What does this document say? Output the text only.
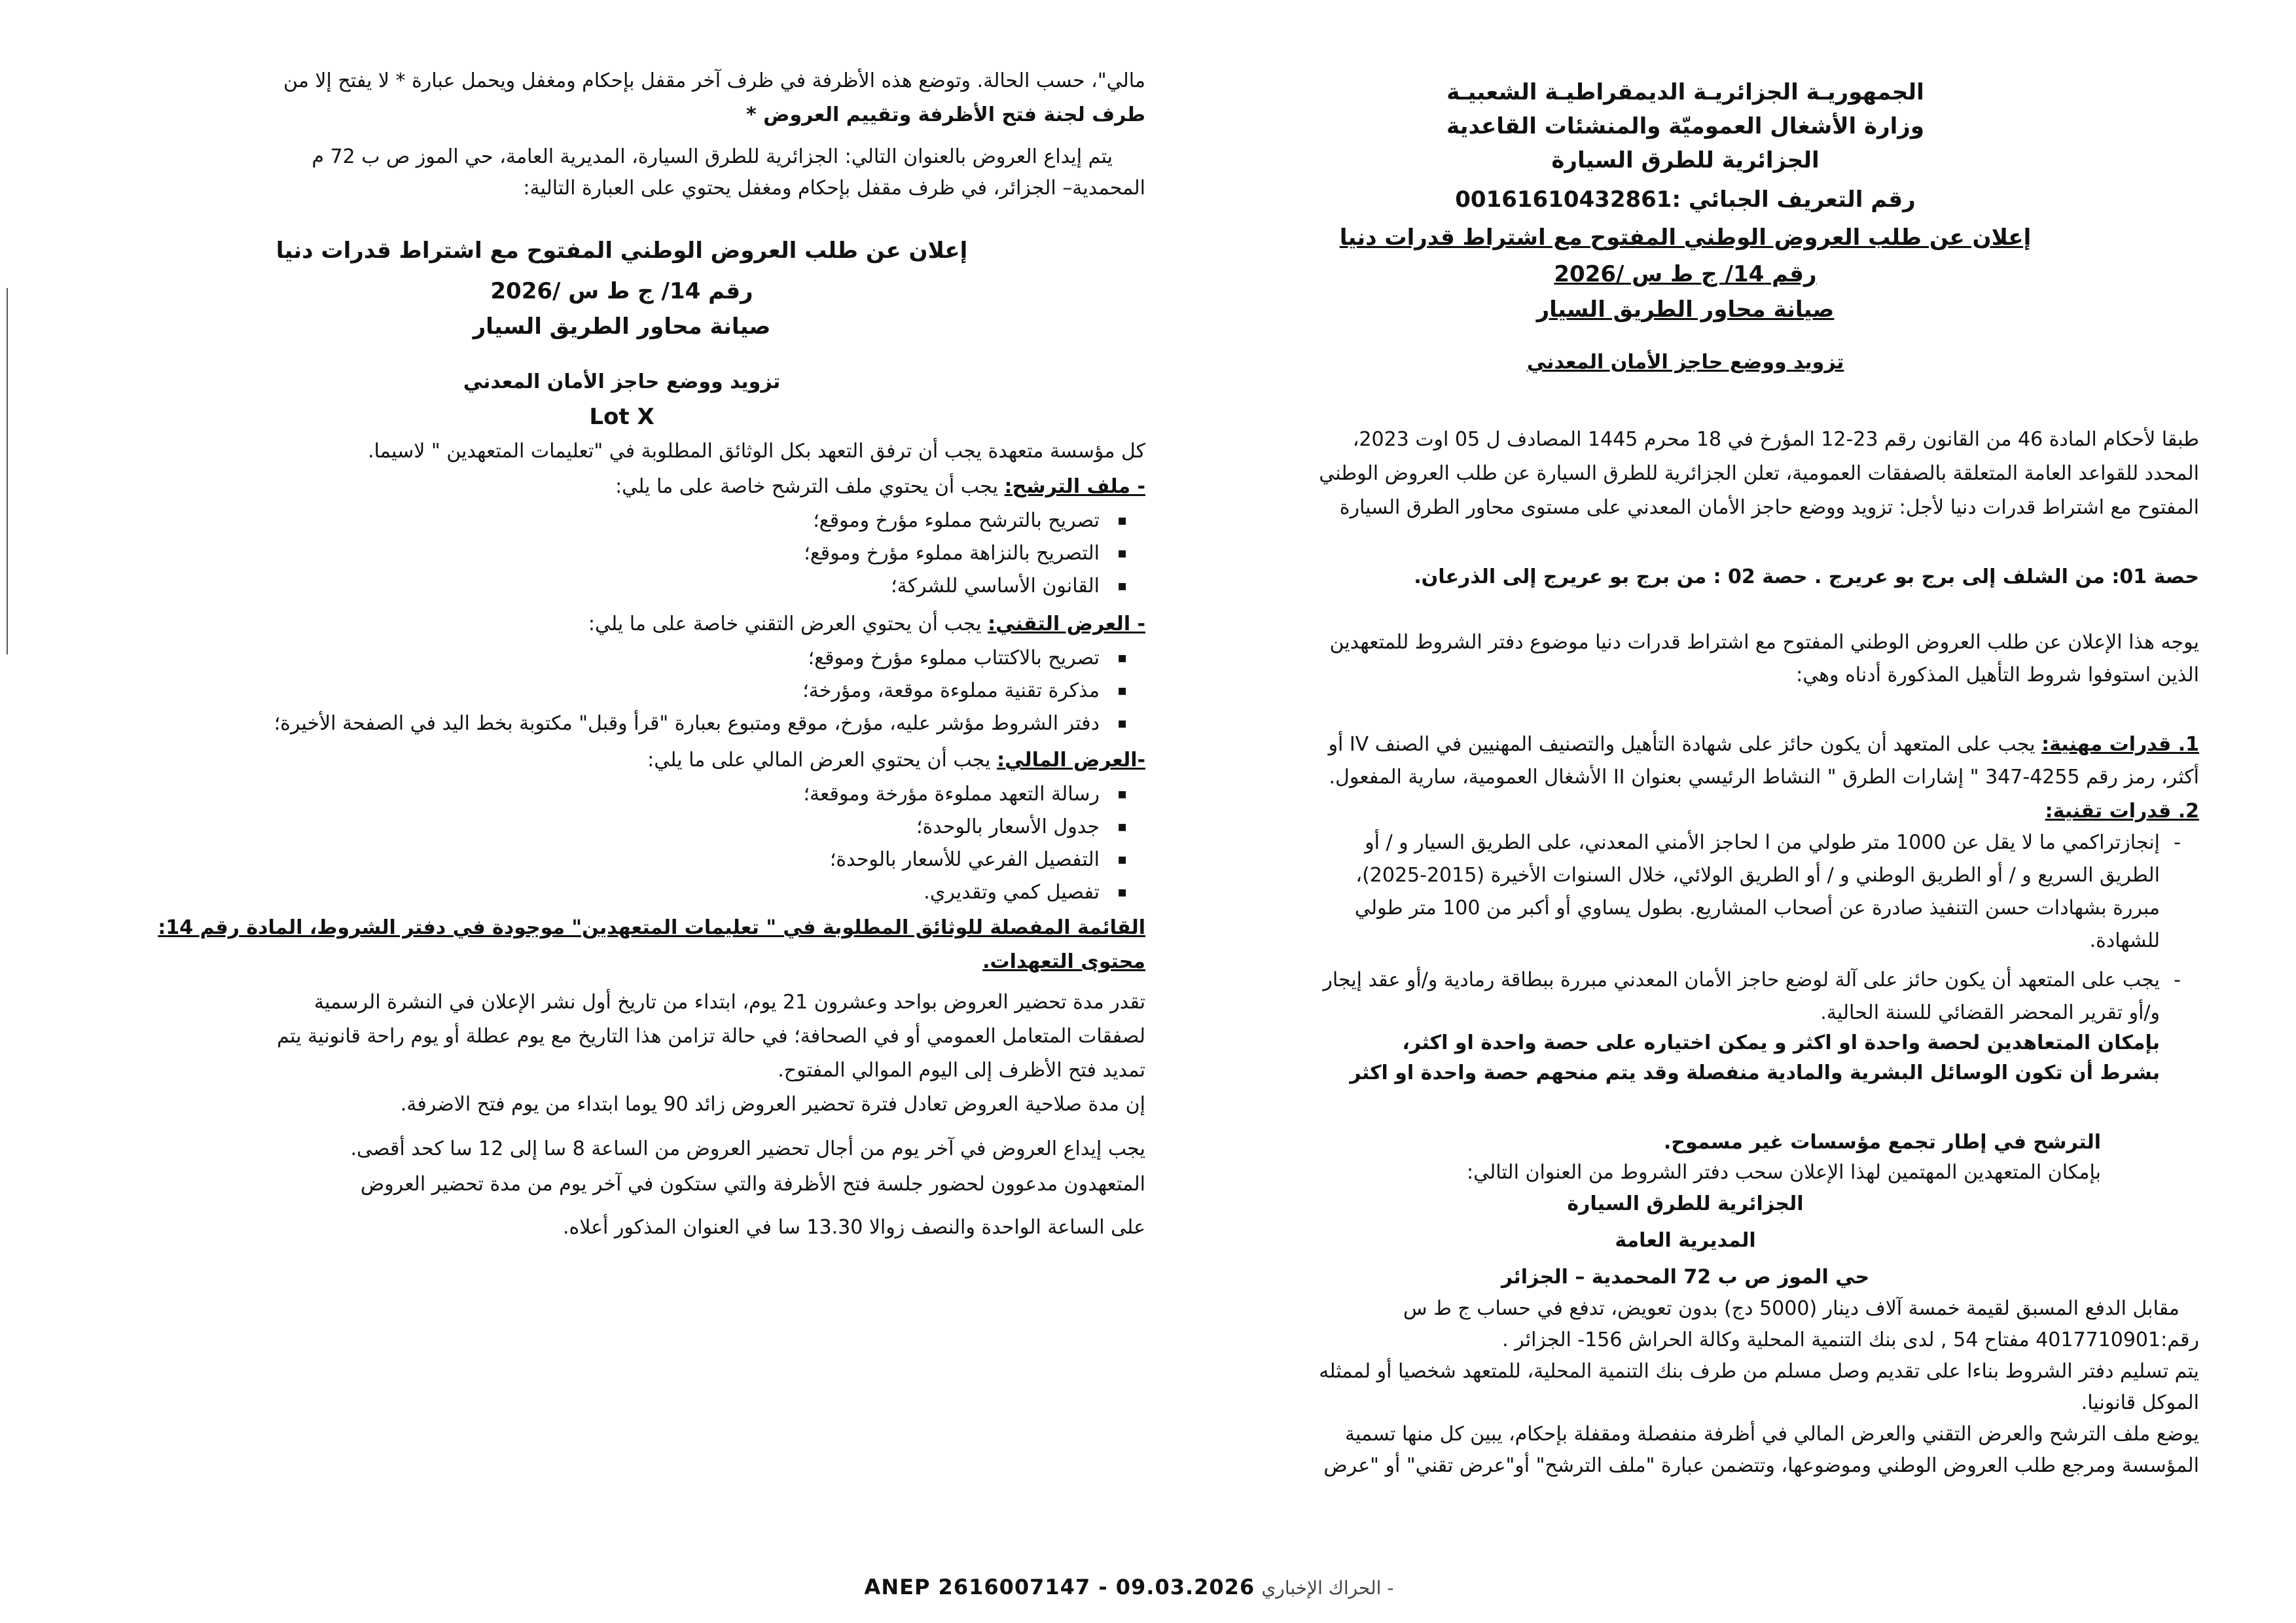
الجمهوريـة الجزائريـة الديمقراطيـة الشعبيـة
وزارة الأشغال العموميّة والمنشئات القاعدية
الجزائرية للطرق السيارة
رقم التعريف الجبائي :00161610432861
إعلان عن طلب العروض الوطني المفتوح مع اشتراط قدرات دنيا
رقم 14/ ج ط س /2026
صيانة محاور الطريق السيار
تزويد ووضع حاجز الأمان المعدني
طبقا لأحكام المادة 46 من القانون رقم 23-12 المؤرخ في 18 محرم 1445 المصادف ل 05 اوت 2023،
المحدد للقواعد العامة المتعلقة بالصفقات العمومية، تعلن الجزائرية للطرق السيارة عن طلب العروض الوطني
المفتوح مع اشتراط قدرات دنيا لأجل: تزويد ووضع حاجز الأمان المعدني على مستوى محاور الطرق السيارة
حصة 01: من الشلف إلى برج بو عريرج . حصة 02 : من برج بو عريرج إلى الذرعان.
يوجه هذا الإعلان عن طلب العروض الوطني المفتوح مع اشتراط قدرات دنيا موضوع دفتر الشروط للمتعهدين
الذين استوفوا شروط التأهيل المذكورة أدناه وهي:
1. قدرات مهنية: يجب على المتعهد أن يكون حائز على شهادة التأهيل والتصنيف المهنيين في الصنف IV أو
أكثر، رمز رقم 4255-347 " إشارات الطرق " النشاط الرئيسي بعنوان II الأشغال العمومية، سارية المفعول.
2. قدرات تقنية:
- إنجازتراكمي ما لا يقل عن 1000 متر طولي من ا لحاجز الأمني المعدني، على الطريق السيار و / أو
الطريق السريع و / أو الطريق الوطني و / أو الطريق الولائي، خلال السنوات الأخيرة (2015-2025)،
مبررة بشهادات حسن التنفيذ صادرة عن أصحاب المشاريع. بطول يساوي أو أكبر من 100 متر طولي
للشهادة.
- يجب على المتعهد أن يكون حائز على آلة لوضع حاجز الأمان المعدني مبررة ببطاقة رمادية و/أو عقد إيجار
و/أو تقرير المحضر القضائي للسنة الحالية.
بإمكان المتعاهدين لحصة واحدة او اكثر و يمكن اختياره على حصة واحدة او اكثر،
بشرط أن تكون الوسائل البشرية والمادية منفصلة وقد يتم منحهم حصة واحدة او اكثر
الترشح في إطار تجمع مؤسسات غير مسموح.
بإمكان المتعهدين المهتمين لهذا الإعلان سحب دفتر الشروط من العنوان التالي:
الجزائرية للطرق السيارة
المديرية العامة
حي الموز ص ب 72 المحمدية – الجزائر
مقابل الدفع المسبق لقيمة خمسة آلاف دينار (5000 دج) بدون تعويض، تدفع في حساب ج ط س
رقم:4017710901 مفتاح 54 , لدى بنك التنمية المحلية وكالة الحراش 156- الجزائر .
يتم تسليم دفتر الشروط بناءا على تقديم وصل مسلم من طرف بنك التنمية المحلية، للمتعهد شخصيا أو لممثله
الموكل قانونيا.
يوضع ملف الترشح والعرض التقني والعرض المالي في أظرفة منفصلة ومقفلة بإحكام، يبين كل منها تسمية
المؤسسة ومرجع طلب العروض الوطني وموضوعها، وتتضمن عبارة "ملف الترشح" أو"عرض تقني" أو "عرض
مالي"، حسب الحالة. وتوضع هذه الأظرفة في ظرف آخر مقفل بإحكام ومغفل ويحمل عبارة * لا يفتح إلا من
طرف لجنة فتح الأظرفة وتقييم العروض *
يتم إيداع العروض بالعنوان التالي: الجزائرية للطرق السيارة، المديرية العامة، حي الموز ص ب 72 م
المحمدية– الجزائر، في ظرف مقفل بإحكام ومغفل يحتوي على العبارة التالية:
إعلان عن طلب العروض الوطني المفتوح مع اشتراط قدرات دنيا
رقم 14/ ج ط س /2026
صيانة محاور الطريق السيار
تزويد ووضع حاجز الأمان المعدني
Lot X
كل مؤسسة متعهدة يجب أن ترفق التعهد بكل الوثائق المطلوبة في "تعليمات المتعهدين " لاسيما.
- ملف الترشح: يجب أن يحتوي ملف الترشح خاصة على ما يلي:
▪ تصريح بالترشح مملوء مؤرخ وموقع؛
▪ التصريح بالنزاهة مملوء مؤرخ وموقع؛
▪ القانون الأساسي للشركة؛
- العرض التقني: يجب أن يحتوي العرض التقني خاصة على ما يلي:
▪ تصريح بالاكتتاب مملوء مؤرخ وموقع؛
▪ مذكرة تقنية مملوءة موقعة، ومؤرخة؛
▪ دفتر الشروط مؤشر عليه، مؤرخ، موقع ومتبوع بعبارة "قرأ وقبل" مكتوبة بخط اليد في الصفحة الأخيرة؛
-العرض المالي: يجب أن يحتوي العرض المالي على ما يلي:
▪ رسالة التعهد مملوءة مؤرخة وموقعة؛
▪ جدول الأسعار بالوحدة؛
▪ التفصيل الفرعي للأسعار بالوحدة؛
▪ تفصيل كمي وتقديري.
القائمة المفصلة للوثائق المطلوبة في " تعليمات المتعهدين" موجودة في دفتر الشروط، المادة رقم 14:
محتوى التعهدات.
تقدر مدة تحضير العروض بواحد وعشرون 21 يوم، ابتداء من تاريخ أول نشر الإعلان في النشرة الرسمية
لصفقات المتعامل العمومي أو في الصحافة؛ في حالة تزامن هذا التاريخ مع يوم عطلة أو يوم راحة قانونية يتم
تمديد فتح الأظرف إلى اليوم الموالي المفتوح.
إن مدة صلاحية العروض تعادل فترة تحضير العروض زائد 90 يوما ابتداء من يوم فتح الاضرفة.
يجب إيداع العروض في آخر يوم من أجال تحضير العروض من الساعة 8 سا إلى 12 سا كحد أقصى.
المتعهدون مدعوون لحضور جلسة فتح الأظرفة والتي ستكون في آخر يوم من مدة تحضير العروض
على الساعة الواحدة والنصف زوالا 13.30 سا في العنوان المذكور أعلاه.
ANEP 2616007147 - 09.03.2026 - الحراك الإخباري
